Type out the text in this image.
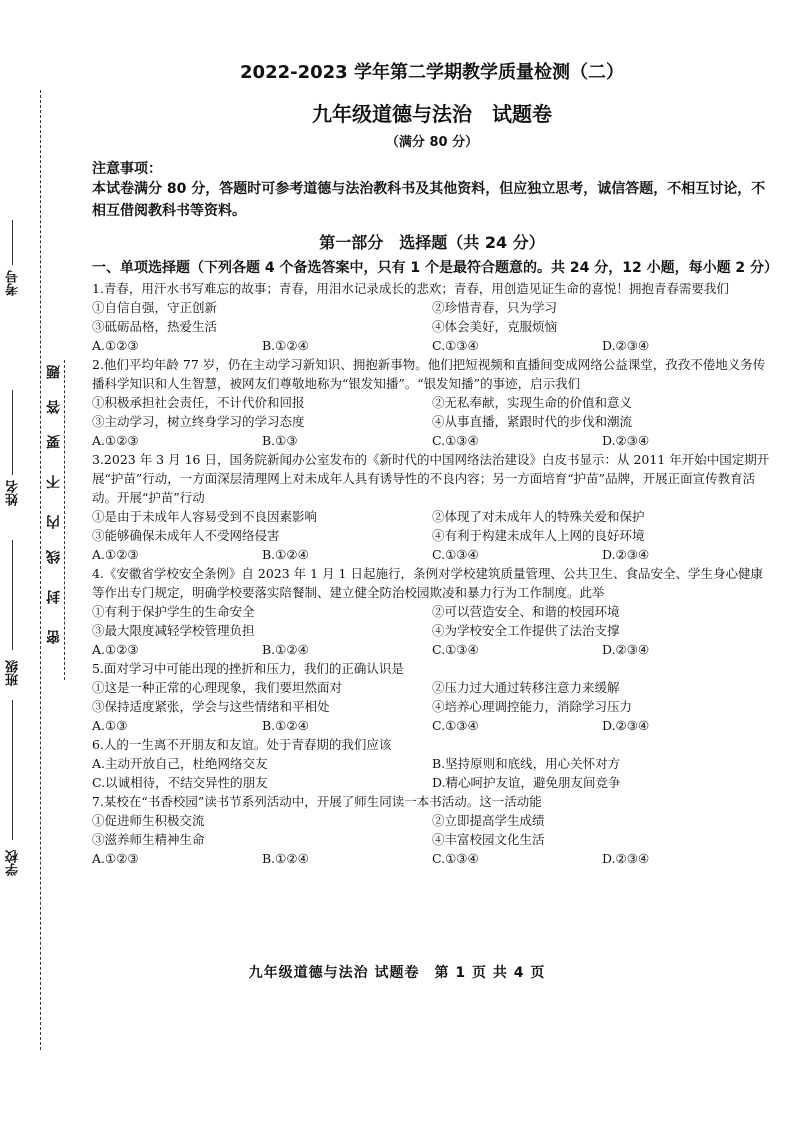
考号
姓名
班级
学校
题
答
要
不
内
线
封
密
2022-2023 学年第二学期教学质量检测（二）
九年级道德与法治　试题卷
（满分 80 分）
注意事项：
本试卷满分 80 分，答题时可参考道德与法治教科书及其他资料，但应独立思考，诚信答题，不相互讨论，不相互借阅教科书等资料。
第一部分　选择题（共 24 分）
一、单项选择题（下列各题 4 个备选答案中，只有 1 个是最符合题意的。共 24 分，12 小题，每小题 2 分）
1.青春，用汗水书写难忘的故事；青春，用泪水记录成长的悲欢；青春，用创造见证生命的喜悦！拥抱青春需要我们
①自信自强，守正创新	②珍惜青春，只为学习
③砥砺品格，热爱生活	④体会美好，克服烦恼
A.①②③	B.①②④	C.①③④	D.②③④
2.他们平均年龄 77 岁，仍在主动学习新知识、拥抱新事物。他们把短视频和直播间变成网络公益课堂，孜孜不倦地义务传播科学知识和人生智慧，被网友们尊敬地称为“银发知播”。“银发知播”的事迹，启示我们
①积极承担社会责任，不计代价和回报	②无私奉献，实现生命的价值和意义
③主动学习，树立终身学习的学习态度	④从事直播，紧跟时代的步伐和潮流
A.①②③	B.①③	C.①③④	D.②③④
3.2023 年 3 月 16 日，国务院新闻办公室发布的《新时代的中国网络法治建设》白皮书显示：从 2011 年开始中国定期开展“护苗”行动，一方面深层清理网上对未成年人具有诱导性的不良内容；另一方面培育“护苗”品牌，开展正面宣传教育活动。开展“护苗”行动
①是由于未成年人容易受到不良因素影响	②体现了对未成年人的特殊关爱和保护
③能够确保未成年人不受网络侵害	④有利于构建未成年人上网的良好环境
A.①②③	B.①②④	C.①③④	D.②③④
4.《安徽省学校安全条例》自 2023 年 1 月 1 日起施行，条例对学校建筑质量管理、公共卫生、食品安全、学生身心健康等作出专门规定，明确学校要落实陪餐制、建立健全防治校园欺凌和暴力行为工作制度。此举
①有利于保护学生的生命安全	②可以营造安全、和谐的校园环境
③最大限度减轻学校管理负担	④为学校安全工作提供了法治支撑
A.①②③	B.①②④	C.①③④	D.②③④
5.面对学习中可能出现的挫折和压力，我们的正确认识是
①这是一种正常的心理现象，我们要坦然面对	②压力过大通过转移注意力来缓解
③保持适度紧张，学会与这些情绪和平相处	④培养心理调控能力，消除学习压力
A.①③	B.①②④	C.①③④	D.②③④
6.人的一生离不开朋友和友谊。处于青春期的我们应该
A.主动开放自己，杜绝网络交友	B.坚持原则和底线，用心关怀对方
C.以诚相待，不结交异性的朋友	D.精心呵护友谊，避免朋友间竞争
7.某校在“书香校园”读书节系列活动中，开展了师生同读一本书活动。这一活动能
①促进师生积极交流	②立即提高学生成绩
③滋养师生精神生命	④丰富校园文化生活
A.①②③	B.①②④	C.①③④	D.②③④
九年级道德与法治 试题卷　第 1 页 共 4 页
